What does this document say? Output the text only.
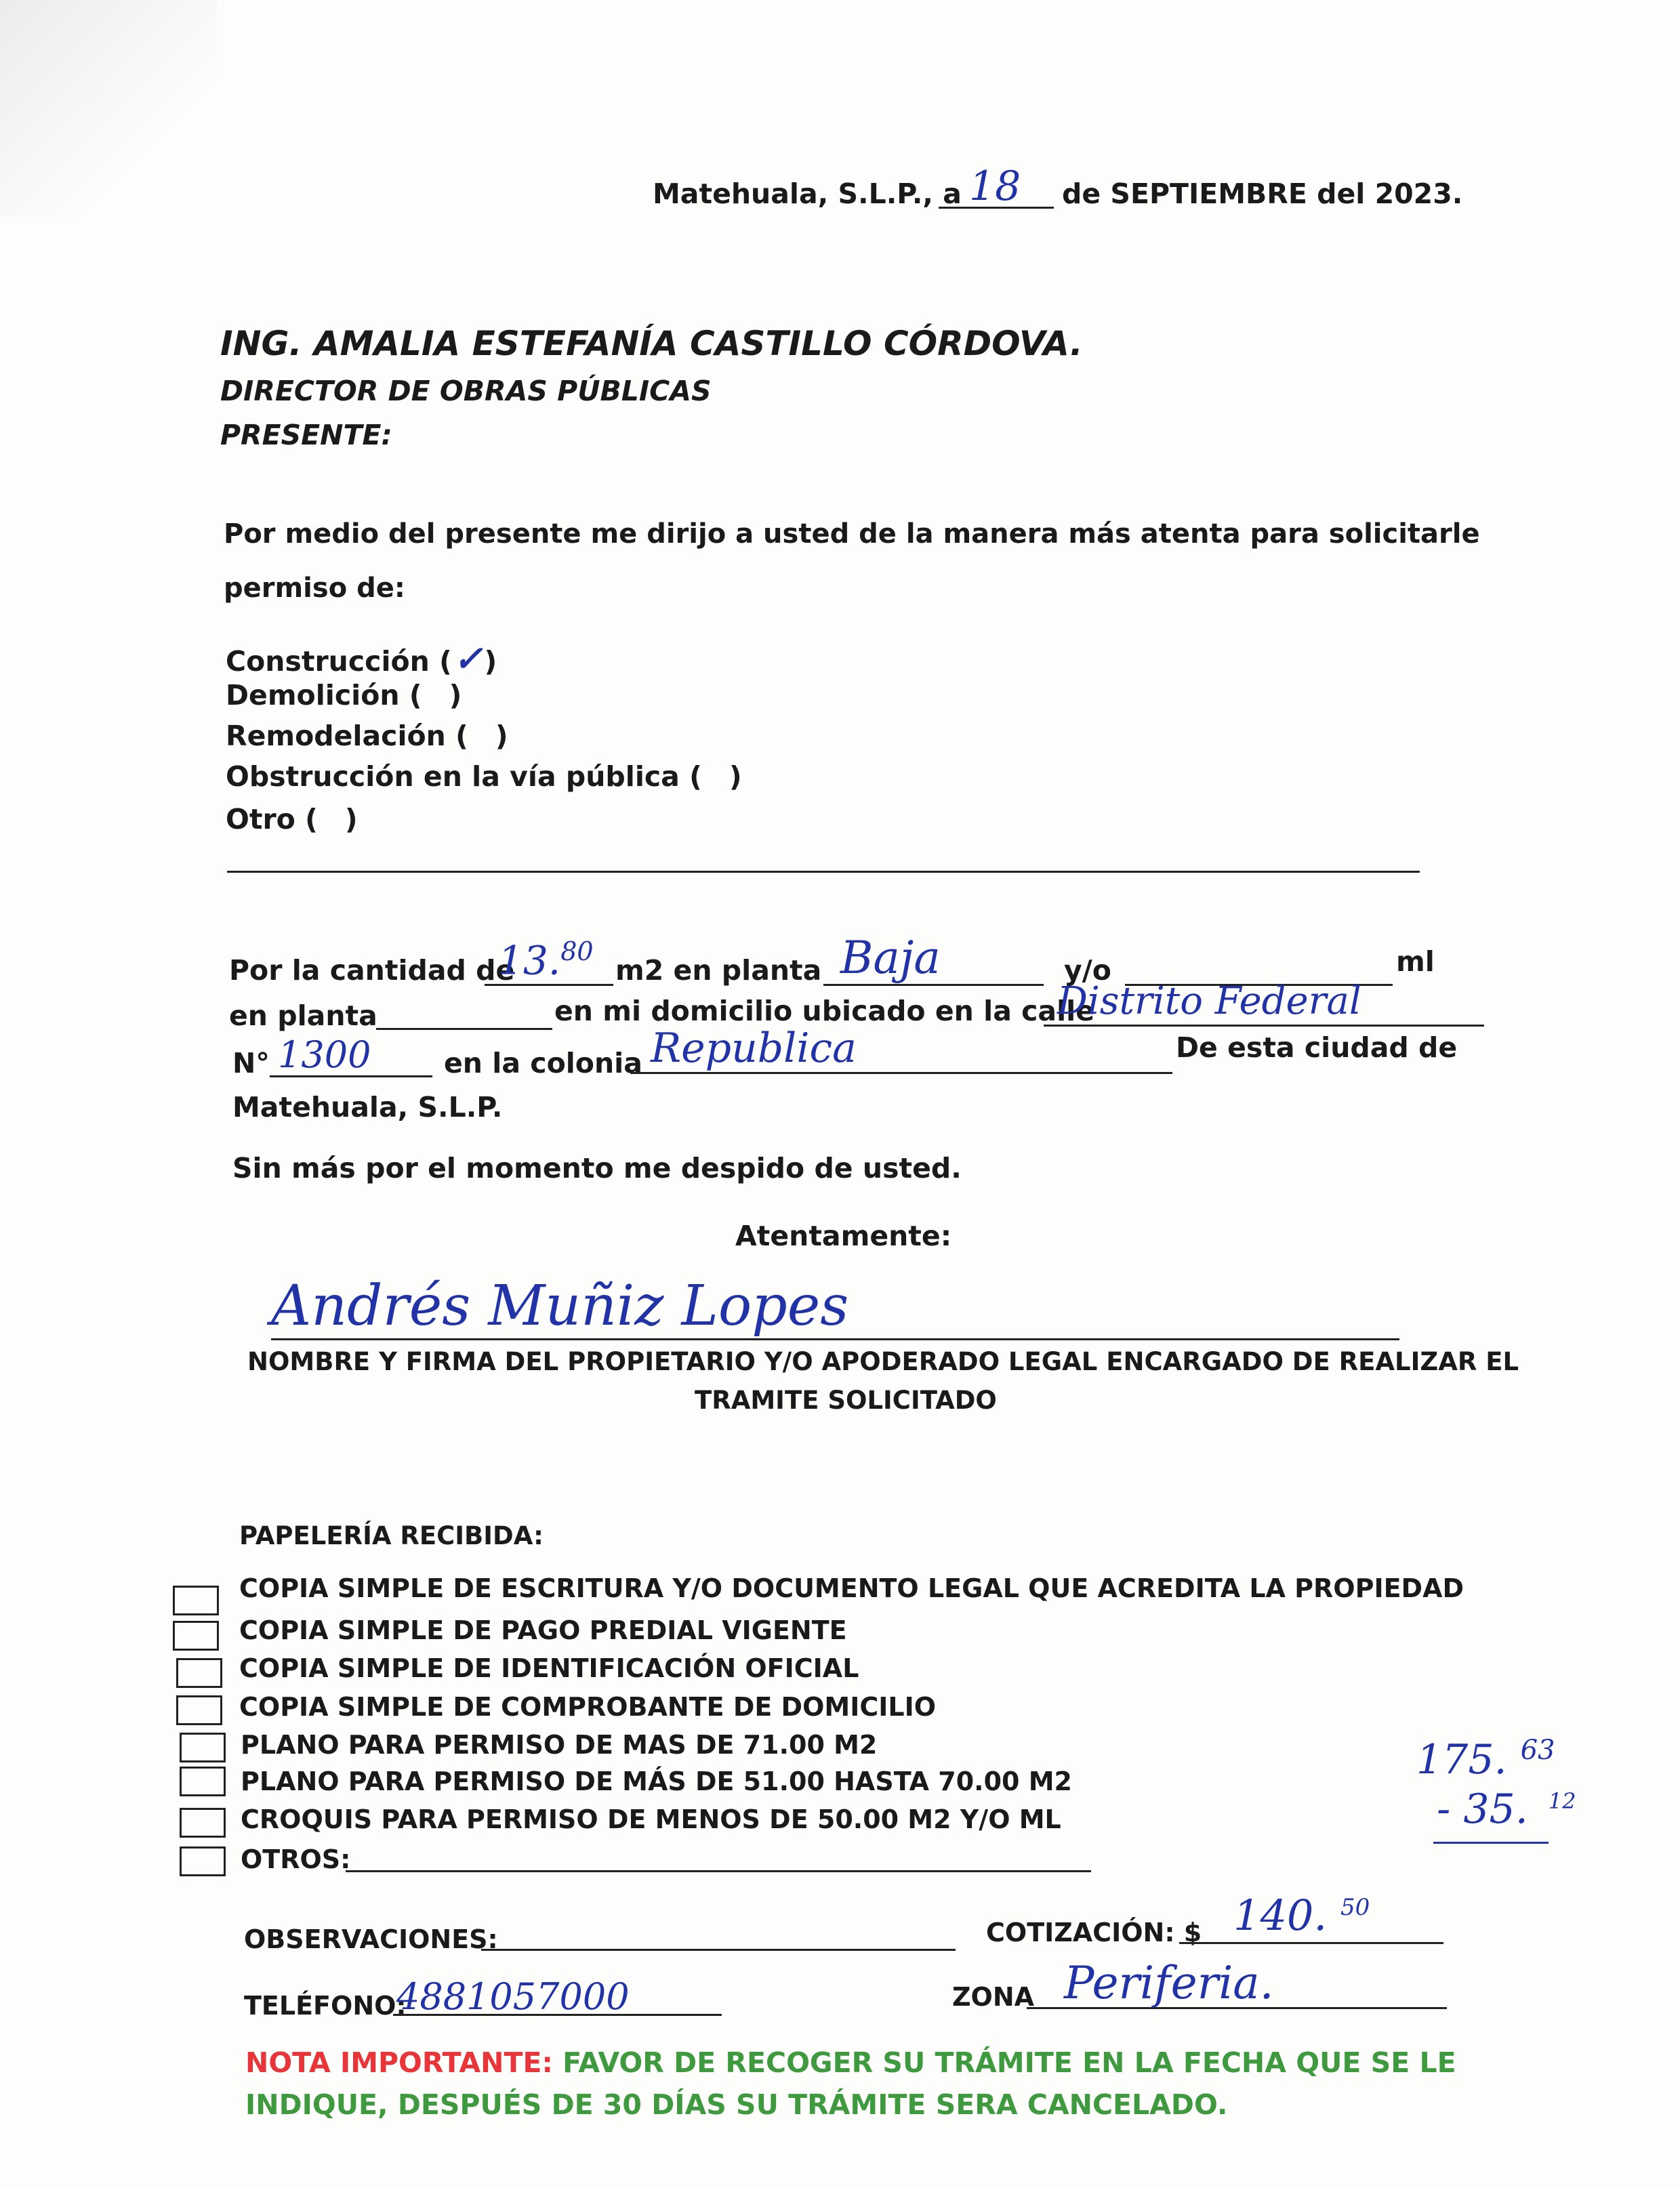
Matehuala, S.L.P., a 18 de SEPTIEMBRE del 2023.
ING. AMALIA ESTEFANÍA CASTILLO CÓRDOVA.
DIRECTOR DE OBRAS PÚBLICAS
PRESENTE:
Por medio del presente me dirijo a usted de la manera más atenta para solicitarle
permiso de:
Construcción (✓)
Demolición ( )
Remodelación ( )
Obstrucción en la vía pública ( )
Otro ( )
Por la cantidad de
13.80
m2 en planta Baja	y/o	ml
en planta	en mi domicilio ubicado en la calle
Distrito Federal
N° 1300	en la colonia Republica	De esta ciudad de
Matehuala, S.L.P.
Sin más por el momento me despido de usted.
Atentamente:
Andrés Muñiz Lopes
NOMBRE Y FIRMA DEL PROPIETARIO Y/O APODERADO LEGAL ENCARGADO DE REALIZAR EL
TRAMITE SOLICITADO
PAPELERÍA RECIBIDA:
COPIA SIMPLE DE ESCRITURA Y/O DOCUMENTO LEGAL QUE ACREDITA LA PROPIEDAD
COPIA SIMPLE DE PAGO PREDIAL VIGENTE
COPIA SIMPLE DE IDENTIFICACIÓN OFICIAL
COPIA SIMPLE DE COMPROBANTE DE DOMICILIO
PLANO PARA PERMISO DE MAS DE 71.00 M2
PLANO PARA PERMISO DE MÁS DE 51.00 HASTA 70.00 M2
CROQUIS PARA PERMISO DE MENOS DE 50.00 M2 Y/O ML
OTROS:
175. $^{63}$
- 35. $^{12}$
OBSERVACIONES:	COTIZACIÓN: $ 140. $^{50}$
TELÉFONO:
4881057000	ZONA Periferia.
NOTA IMPORTANTE: FAVOR DE RECOGER SU TRÁMITE EN LA FECHA QUE SE LE
INDIQUE, DESPUÉS DE 30 DÍAS SU TRÁMITE SERA CANCELADO.
